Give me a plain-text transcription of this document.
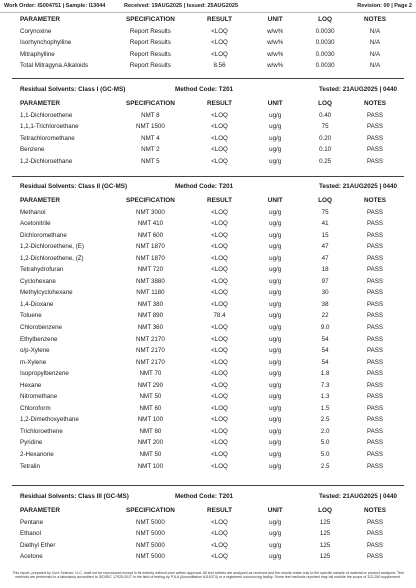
Work Order: IS004751 | Sample: I13044	Received: 19AUG2025 | Issued: 25AUG2025	Revision: 00 | Page 2
PARAMETER	SPECIFICATION	RESULT	UNIT	LOQ	NOTES
Corynoxine	Report Results	<LOQ	w/w%	0.0030	N/A
Isorhynchophylline	Report Results	<LOQ	w/w%	0.0030	N/A
Mitraphylline	Report Results	<LOQ	w/w%	0.0030	N/A
Total Mitragyna Alkaloids	Report Results	8.56	w/w%	0.0030	N/A
Residual Solvents: Class I (GC-MS)	Method Code: T201	Tested: 21AUG2025 | 0440
PARAMETER	SPECIFICATION	RESULT	UNIT	LOQ	NOTES
1,1-Dichloroethene	NMT 8	<LOQ	ug/g	0.40	PASS
1,1,1-Trichloroethane	NMT 1500	<LOQ	ug/g	75	PASS
Tetrachloromethane	NMT 4	<LOQ	ug/g	0.20	PASS
Benzene	NMT 2	<LOQ	ug/g	0.10	PASS
1,2-Dichloroethane	NMT 5	<LOQ	ug/g	0.25	PASS
Residual Solvents: Class II (GC-MS)	Method Code: T201	Tested: 21AUG2025 | 0440
PARAMETER	SPECIFICATION	RESULT	UNIT	LOQ	NOTES
Methanol	NMT 3000	<LOQ	ug/g	75	PASS
Acetonitrile	NMT 410	<LOQ	ug/g	41	PASS
Dichloromethane	NMT 600	<LOQ	ug/g	15	PASS
1,2-Dichloroethene, (E)	NMT 1870	<LOQ	ug/g	47	PASS
1,2-Dichloroethene, (Z)	NMT 1870	<LOQ	ug/g	47	PASS
Tetrahydrofuran	NMT 720	<LOQ	ug/g	18	PASS
Cyclohexane	NMT 3880	<LOQ	ug/g	97	PASS
Methylcyclohexane	NMT 1180	<LOQ	ug/g	30	PASS
1,4-Dioxane	NMT 380	<LOQ	ug/g	38	PASS
Toluene	NMT 890	78.4	ug/g	22	PASS
Chlorobenzene	NMT 360	<LOQ	ug/g	9.0	PASS
Ethylbenzene	NMT 2170	<LOQ	ug/g	54	PASS
o/p-Xylene	NMT 2170	<LOQ	ug/g	54	PASS
m-Xylene	NMT 2170	<LOQ	ug/g	54	PASS
Isopropylbenzene	NMT 70	<LOQ	ug/g	1.8	PASS
Hexane	NMT 290	<LOQ	ug/g	7.3	PASS
Nitromethane	NMT 50	<LOQ	ug/g	1.3	PASS
Chloroform	NMT 60	<LOQ	ug/g	1.5	PASS
1,2-Dimethoxyethane	NMT 100	<LOQ	ug/g	2.5	PASS
Trichloroethene	NMT 80	<LOQ	ug/g	2.0	PASS
Pyridine	NMT 200	<LOQ	ug/g	5.0	PASS
2-Hexanone	NMT 50	<LOQ	ug/g	5.0	PASS
Tetralin	NMT 100	<LOQ	ug/g	2.5	PASS
Residual Solvents: Class III (GC-MS)	Method Code: T201	Tested: 21AUG2025 | 0440
PARAMETER	SPECIFICATION	RESULT	UNIT	LOQ	NOTES
Pentane	NMT 5000	<LOQ	ug/g	125	PASS
Ethanol	NMT 5000	<LOQ	ug/g	125	PASS
Diethyl Ether	NMT 5000	<LOQ	ug/g	125	PASS
Acetone	NMT 5000	<LOQ	ug/g	125	PASS
This report, prepared by Core Science, LLC, shall not be reproduced except in its entirety without prior written approval. All test articles are analyzed as received and the results relate only to the specific sample of material or product analyzed. Test methods are performed in a laboratory accredited to ISO/IEC 17025:2017 in the field of testing by PJLA (Accreditation #116374) or a registered outsourcing facility. Some test methods reported may fall outside the scope of 122.250 supplement.
